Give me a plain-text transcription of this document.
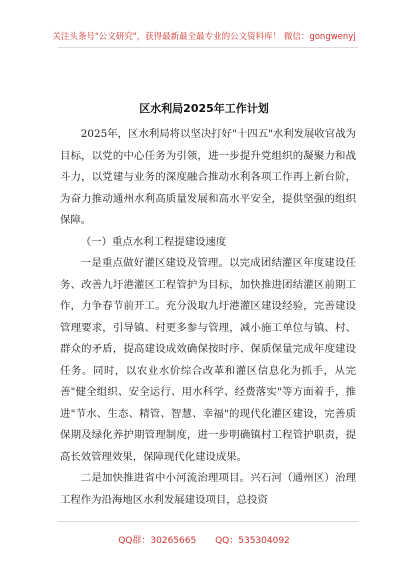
关注头条号"公文研究"，获得最新最全最专业的公文资料库！ 微信：gongwenyj
区水利局2025年工作计划

2025年，区水利局将以坚决打好"十四五"水利发展收官战为目标，以党的中心任务为引领，进一步提升党组织的凝聚力和战斗力，以党建与业务的深度融合推动水利各项工作再上新台阶，为奋力推动通州水利高质量发展和高水平安全，提供坚强的组织保障。

（一）重点水利工程提建设速度

一是重点做好灌区建设及管理。以完成团结灌区年度建设任务、改善九圩港灌区工程管护为目标，加快推进团结灌区前期工作，力争春节前开工。充分汲取九圩港灌区建设经验，完善建设管理要求，引导镇、村更多参与管理，减小施工单位与镇、村、群众的矛盾，提高建设成效确保按时序、保质保量完成年度建设任务。同时，以农业水价综合改革和灌区信息化为抓手，从完善"健全组织、安全运行、用水科学、经费落实"等方面着手，推进"节水、生态、精管、智慧、幸福"的现代化灌区建设，完善质保期及绿化养护期管理制度，进一步明确镇村工程管护职责，提高长效管理效果，保障现代化建设成果。

二是加快推进省中小河流治理项目。兴石河（通州区）治理工程作为沿海地区水利发展建设项目，总投资

QQ群：30265665 QQ：535304092
